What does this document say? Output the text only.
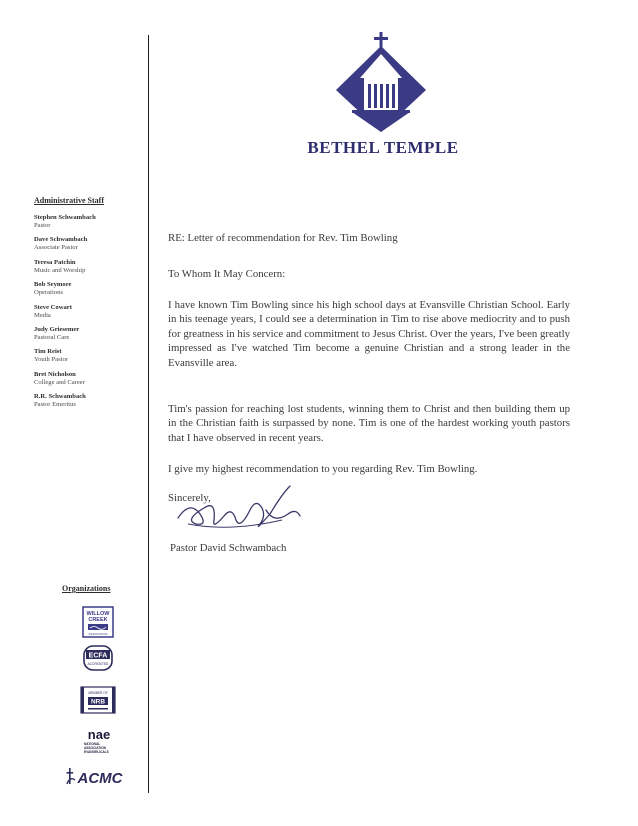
BETHEL TEMPLE
Administrative Staff
Stephen Schwambach
Pastor
Dave Schwambach
Associate Pastor
Teresa Patchin
Music and Worship
Bob Seymore
Operations
Steve Cowart
Media
Judy Griesemer
Pastoral Care
Tim Reist
Youth Pastor
Bret Nicholson
College and Career
R.R. Schwambach
Pastor Emeritus
Organizations
WILLOW
CREEK
ASSOCIATION
ECFA
ACCREDITED
MEMBER OF
NRB
nae
NATIONAL
ASSOCIATION
EVANGELICALS
ACMC
RE: Letter of recommendation for Rev. Tim Bowling
To Whom It May Concern:

I have known Tim Bowling since his high school days at Evansville Christian School. Early in his teenage years, I could see a determination in Tim to rise above mediocrity and to push for greatness in his service and commitment to Jesus Christ. Over the years, I've been greatly impressed as I've watched Tim become a genuine Christian and a strong leader in the Evansville area.

Tim's passion for reaching lost students, winning them to Christ and then building them up in the Christian faith is surpassed by none. Tim is one of the hardest working youth pastors that I have observed in recent years.

I give my highest recommendation to you regarding Rev. Tim Bowling.

Sincerely,
Pastor David Schwambach
